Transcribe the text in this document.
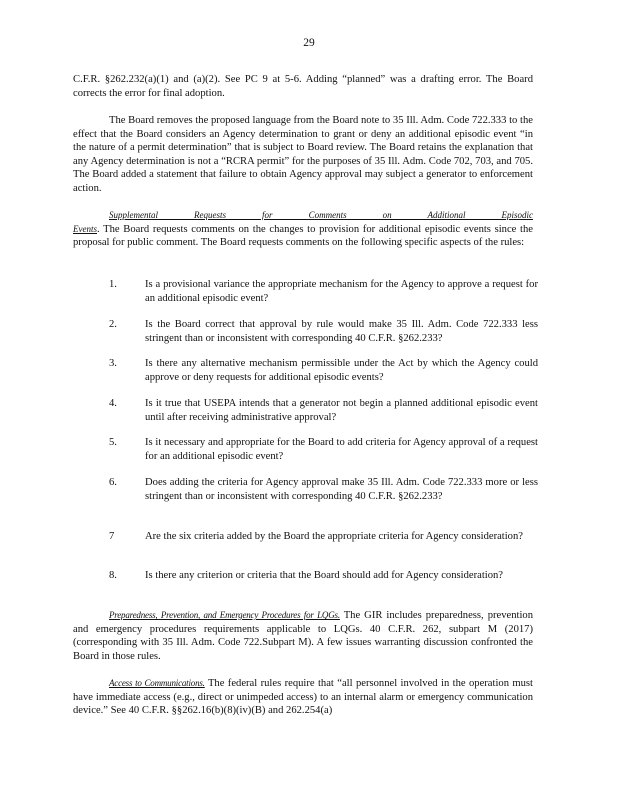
29

C.F.R. §262.232(a)(1) and (a)(2). See PC 9 at 5-6. Adding “planned” was a drafting error. The Board corrects the error for final adoption.

The Board removes the proposed language from the Board note to 35 Ill. Adm. Code 722.333 to the effect that the Board considers an Agency determination to grant or deny an additional episodic event “in the nature of a permit determination” that is subject to Board review. The Board retains the explanation that any Agency determination is not a “RCRA permit” for the purposes of 35 Ill. Adm. Code 702, 703, and 705. The Board added a statement that failure to obtain Agency approval may subject a generator to enforcement action.

Supplemental Requests for Comments on Additional Episodic Events. The Board requests comments on the changes to provision for additional episodic events since the proposal for public comment. The Board requests comments on the following specific aspects of the rules:

1.	Is a provisional variance the appropriate mechanism for the Agency to approve a request for an additional episodic event?
2.	Is the Board correct that approval by rule would make 35 Ill. Adm. Code 722.333 less stringent than or inconsistent with corresponding 40 C.F.R. §262.233?
3.	Is there any alternative mechanism permissible under the Act by which the Agency could approve or deny requests for additional episodic events?
4.	Is it true that USEPA intends that a generator not begin a planned additional episodic event until after receiving administrative approval?
5.	Is it necessary and appropriate for the Board to add criteria for Agency approval of a request for an additional episodic event?
6.	Does adding the criteria for Agency approval make 35 Ill. Adm. Code 722.333 more or less stringent than or inconsistent with corresponding 40 C.F.R. §262.233?
7	Are the six criteria added by the Board the appropriate criteria for Agency consideration?
8.	Is there any criterion or criteria that the Board should add for Agency consideration?

Preparedness, Prevention, and Emergency Procedures for LQGs. The GIR includes preparedness, prevention and emergency procedures requirements applicable to LQGs. 40 C.F.R. 262, subpart M (2017) (corresponding with 35 Ill. Adm. Code 722.Subpart M). A few issues warranting discussion confronted the Board in those rules.

Access to Communications. The federal rules require that “all personnel involved in the operation must have immediate access (e.g., direct or unimpeded access) to an internal alarm or emergency communication device.” See 40 C.F.R. §§262.16(b)(8)(iv)(B) and 262.254(a)
